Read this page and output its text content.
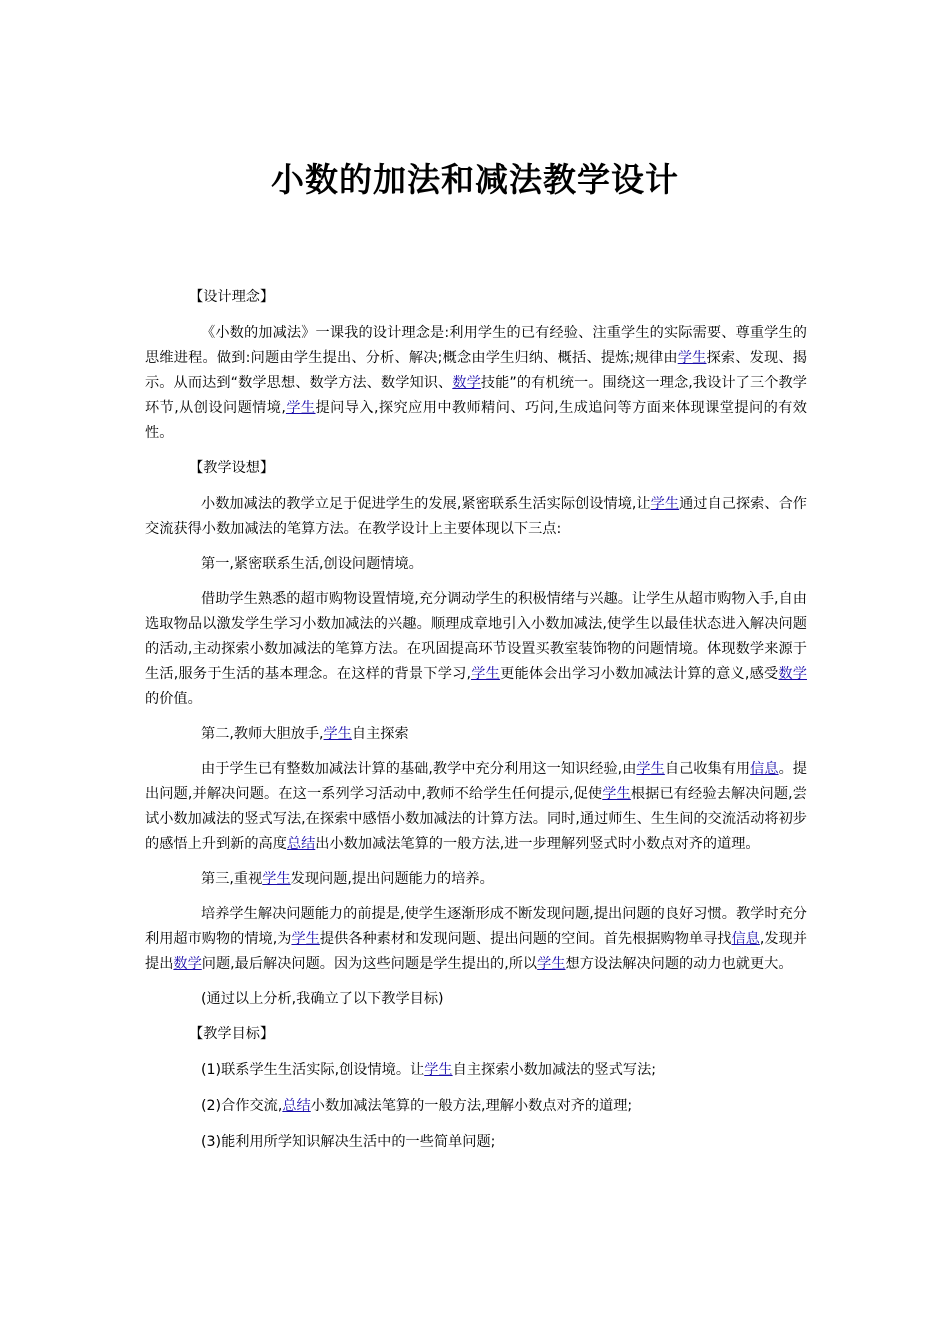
小数的加法和减法教学设计
【设计理念】

《小数的加减法》一课我的设计理念是:利用学生的已有经验、注重学生的实际需要、尊重学生的思维进程。做到:问题由学生提出、分析、解决;概念由学生归纳、概括、提炼;规律由学生探索、发现、揭示。从而达到“数学思想、数学方法、数学知识、数学技能”的有机统一。围绕这一理念,我设计了三个教学环节,从创设问题情境,学生提问导入,探究应用中教师精问、巧问,生成追问等方面来体现课堂提问的有效性。

【教学设想】

小数加减法的教学立足于促进学生的发展,紧密联系生活实际创设情境,让学生通过自己探索、合作交流获得小数加减法的笔算方法。在教学设计上主要体现以下三点:

第一,紧密联系生活,创设问题情境。

借助学生熟悉的超市购物设置情境,充分调动学生的积极情绪与兴趣。让学生从超市购物入手,自由选取物品以激发学生学习小数加减法的兴趣。顺理成章地引入小数加减法,使学生以最佳状态进入解决问题的活动,主动探索小数加减法的笔算方法。在巩固提高环节设置买教室装饰物的问题情境。体现数学来源于生活,服务于生活的基本理念。在这样的背景下学习,学生更能体会出学习小数加减法计算的意义,感受数学的价值。

第二,教师大胆放手,学生自主探索

由于学生已有整数加减法计算的基础,教学中充分利用这一知识经验,由学生自己收集有用信息。提出问题,并解决问题。在这一系列学习活动中,教师不给学生任何提示,促使学生根据已有经验去解决问题,尝试小数加减法的竖式写法,在探索中感悟小数加减法的计算方法。同时,通过师生、生生间的交流活动将初步的感悟上升到新的高度总结出小数加减法笔算的一般方法,进一步理解列竖式时小数点对齐的道理。

第三,重视学生发现问题,提出问题能力的培养。

培养学生解决问题能力的前提是,使学生逐渐形成不断发现问题,提出问题的良好习惯。教学时充分利用超市购物的情境,为学生提供各种素材和发现问题、提出问题的空间。首先根据购物单寻找信息,发现并提出数学问题,最后解决问题。因为这些问题是学生提出的,所以学生想方设法解决问题的动力也就更大。

(通过以上分析,我确立了以下教学目标)

【教学目标】

(1)联系学生生活实际,创设情境。让学生自主探索小数加减法的竖式写法;

(2)合作交流,总结小数加减法笔算的一般方法,理解小数点对齐的道理;

(3)能利用所学知识解决生活中的一些简单问题;
